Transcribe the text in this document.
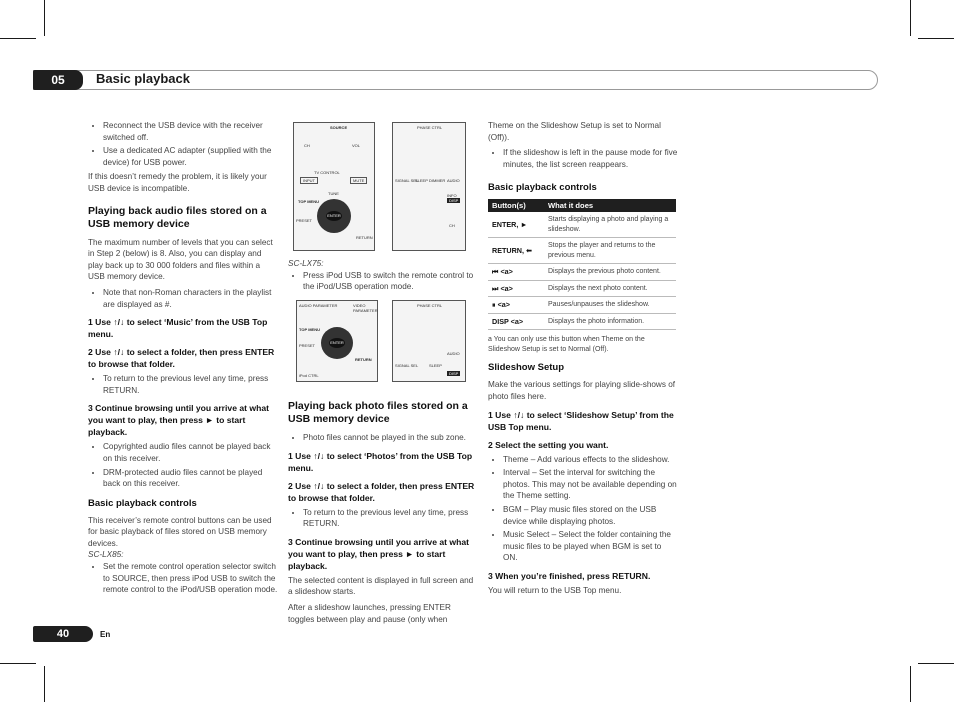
05	Basic playback
• Reconnect the USB device with the receiver switched off.
• Use a dedicated AC adapter (supplied with the device) for USB power.

If this doesn’t remedy the problem, it is likely your USB device is incompatible.

Playing back audio files stored on a USB memory device

The maximum number of levels that you can select in Step 2 (below) is 8. Also, you can display and play back up to 30 000 folders and files within a USB memory device.

• Note that non-Roman characters in the playlist are displayed as #.
1 Use ↑/↓ to select ‘Music’ from the USB Top menu.
2 Use ↑/↓ to select a folder, then press ENTER to browse that folder.
• To return to the previous level any time, press RETURN.
3 Continue browsing until you arrive at what you want to play, then press ► to start playback.
• Copyrighted audio files cannot be played back on this receiver.
• DRM-protected audio files cannot be played back on this receiver.
Basic playback controls

This receiver’s remote control buttons can be used for basic playback of files stored on USB memory devices.

SC-LX85:
• Set the remote control operation selector switch to SOURCE, then press iPod USB to switch the remote control to the iPod/USB operation mode.
SOURCE
CH	VOL
TV CONTROL
INPUT	MUTE
TUNE
PRESET
ENTER
RETURN
TOP MENU
PHASE CTRL
SIGNAL SEL
SLEEP DIMMER AUDIO
DISP
INFO
CH
SC-LX75:
• Press iPod USB to switch the remote control to the iPod/USB operation mode.
AUDIO PARAMETER	VIDEO PARAMETER
TOP MENU
PRESET
ENTER
RETURN
iPod CTRL
PHASE CTRL
SIGNAL SEL	SLEEP
AUDIO
DISP
Playing back photo files stored on a USB memory device
• Photo files cannot be played in the sub zone.
1 Use ↑/↓ to select ‘Photos’ from the USB Top menu.
2 Use ↑/↓ to select a folder, then press ENTER to browse that folder.
• To return to the previous level any time, press RETURN.
3 Continue browsing until you arrive at what you want to play, then press ► to start playback.

The selected content is displayed in full screen and a slideshow starts.

After a slideshow launches, pressing ENTER toggles between play and pause (only when

Theme on the Slideshow Setup is set to Normal (Off)).

• If the slideshow is left in the pause mode for five minutes, the list screen reappears.
Basic playback controls
Button(s)	What it does
ENTER, ►	Starts displaying a photo and playing a slideshow.
RETURN, ⬅	Stops the player and returns to the previous menu.
⏮ <a>	Displays the previous photo content.
⏭ <a>	Displays the next photo content.
⏸ <a>	Pauses/unpauses the slideshow.
DISP <a>	Displays the photo information.

a You can only use this button when Theme on the Slideshow Setup is set to Normal (Off).

Slideshow Setup

Make the various settings for playing slide-shows of photo files here.

1 Use ↑/↓ to select ‘Slideshow Setup’ from the USB Top menu.
2 Select the setting you want.
• Theme – Add various effects to the slideshow.
• Interval – Set the interval for switching the photos. This may not be available depending on the Theme setting.
• BGM – Play music files stored on the USB device while displaying photos.
• Music Select – Select the folder containing the music files to be played when BGM is set to ON.
3 When you’re finished, press RETURN.

You will return to the USB Top menu.

40	En
